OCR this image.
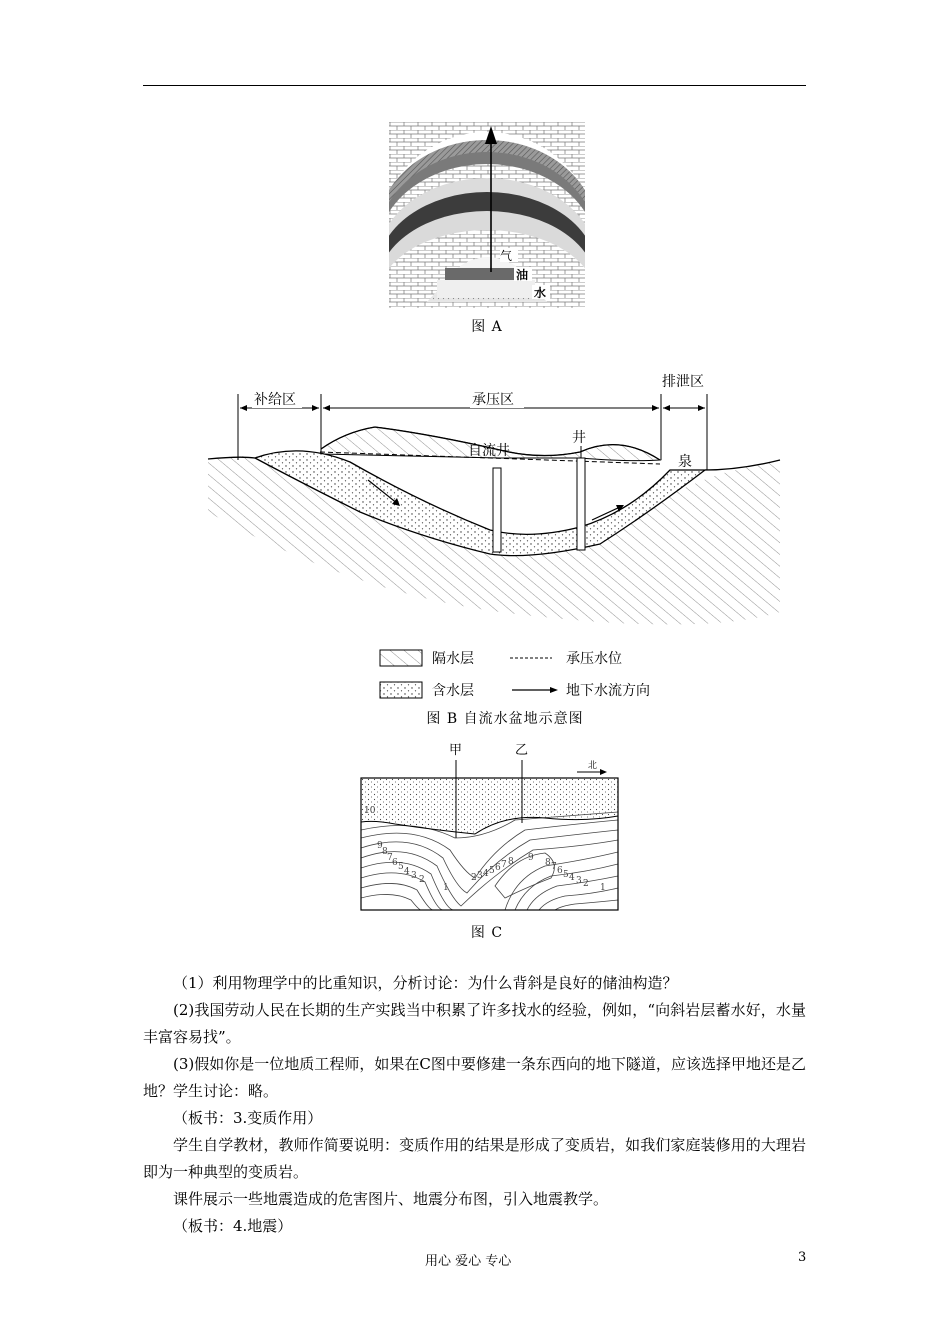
气
油
水
图 A
补给区	承压区
排泄区
自流井
井
泉
隔水层	承压水位
含水层	地下水流方向
图 B 自流水盆地示意图
甲	乙
北
10
9
8
7 6 5 4 3 2
1
2 3 4 5 6 7 8 9 8 7 6 5 4 3 2 1
图 C

（1）利用物理学中的比重知识，分析讨论：为什么背斜是良好的储油构造？

(2)我国劳动人民在长期的生产实践当中积累了许多找水的经验，例如，“向斜岩层蓄水好，水量丰富容易找”。

(3)假如你是一位地质工程师，如果在C图中要修建一条东西向的地下隧道，应该选择甲地还是乙地？学生讨论：略。

（板书：3.变质作用）

学生自学教材，教师作简要说明：变质作用的结果是形成了变质岩，如我们家庭装修用的大理岩即为一种典型的变质岩。

课件展示一些地震造成的危害图片、地震分布图，引入地震教学。

（板书：4.地震）

用心 爱心 专心	3
